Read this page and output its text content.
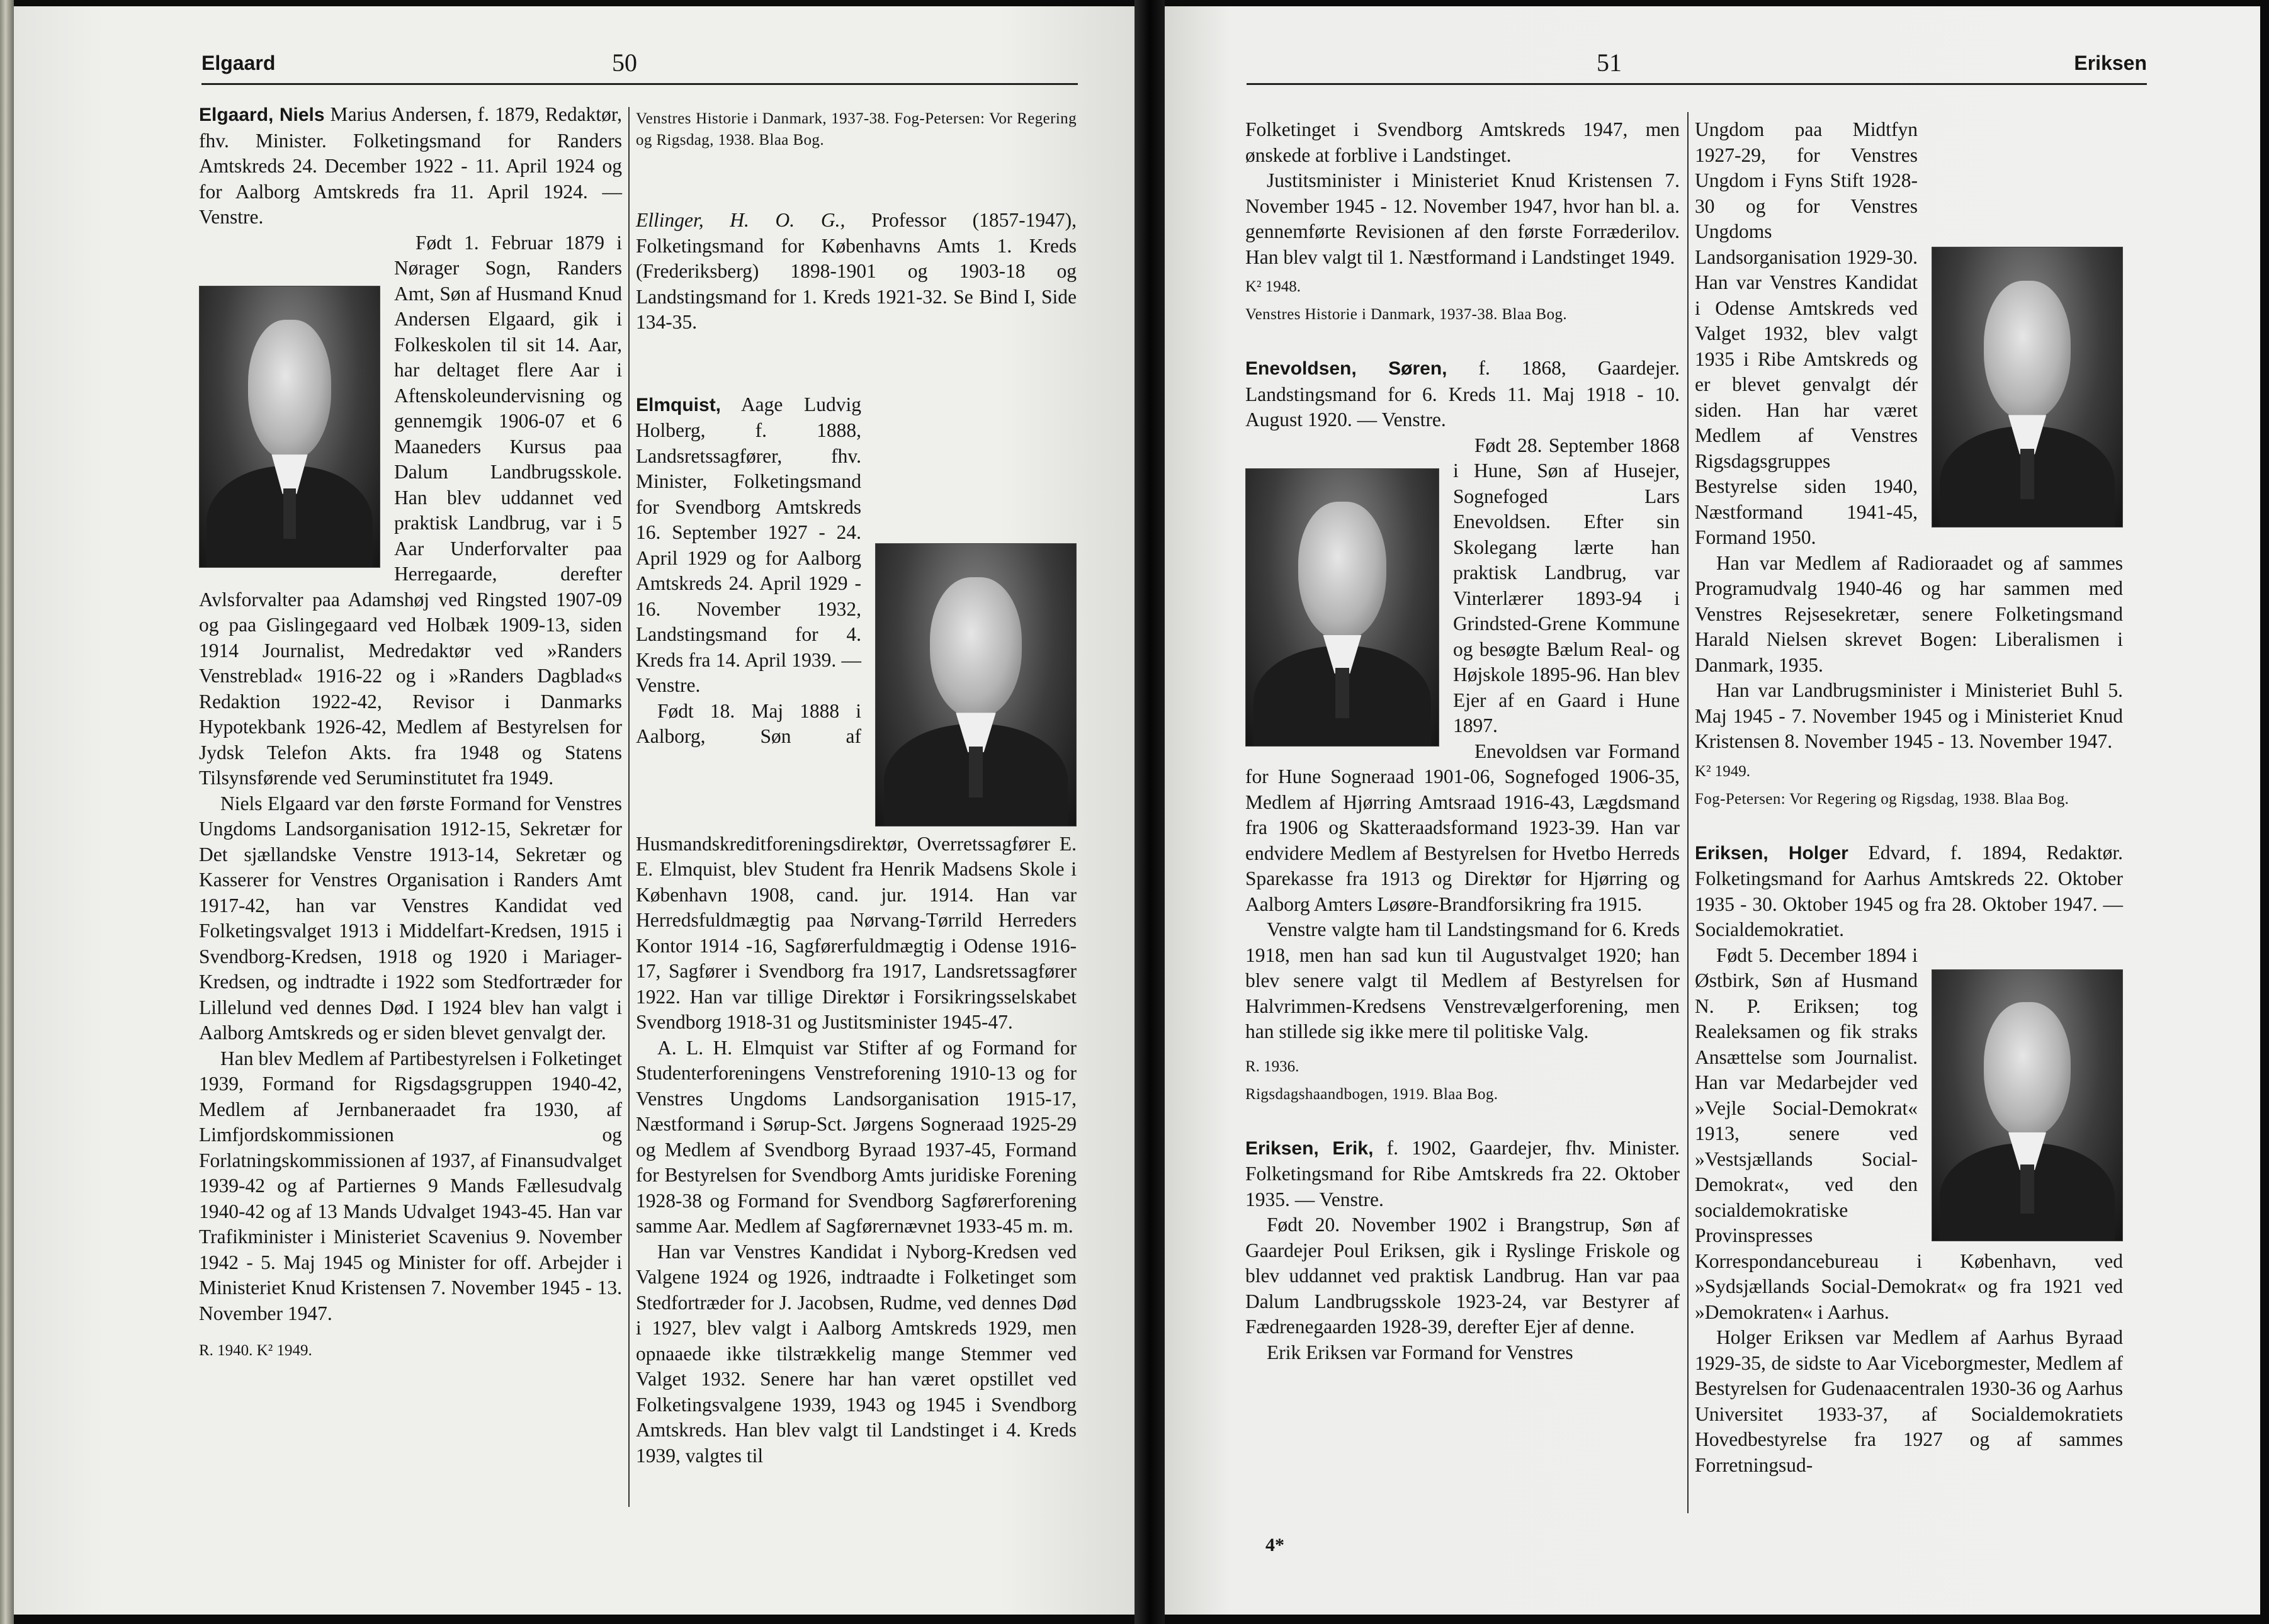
Elgaard	50

Elgaard, Niels Marius Andersen, f. 1879, Redaktør, fhv. Minister. Folketingsmand for Randers Amtskreds 24. December 1922 - 11. April 1924 og for Aalborg Amtskreds fra 11. April 1924. — Venstre.

Født 1. Februar 1879 i Nørager Sogn, Randers Amt, Søn af Husmand Knud Andersen Elgaard, gik i Folkeskolen til sit 14. Aar, har deltaget flere Aar i Aftenskoleundervisning og gennemgik 1906-07 et 6 Maaneders Kursus paa Dalum Landbrugsskole. Han blev uddannet ved praktisk Landbrug, var i 5 Aar Underforvalter paa Herregaarde, derefter Avlsforvalter paa Adamshøj ved Ringsted 1907-09 og paa Gislingegaard ved Holbæk 1909-13, siden 1914 Journalist, Medredaktør ved »Randers Venstreblad« 1916-22 og i »Randers Dagblad«s Redaktion 1922-42, Revisor i Danmarks Hypotekbank 1926-42, Medlem af Bestyrelsen for Jydsk Telefon Akts. fra 1948 og Statens Tilsynsførende ved Seruminstitutet fra 1949.

Niels Elgaard var den første Formand for Venstres Ungdoms Landsorganisation 1912-15, Sekretær for Det sjællandske Venstre 1913-14, Sekretær og Kasserer for Venstres Organisation i Randers Amt 1917-42, han var Venstres Kandidat ved Folketingsvalget 1913 i Middelfart-Kredsen, 1915 i Svendborg-Kredsen, 1918 og 1920 i Mariager-Kredsen, og indtradte i 1922 som Stedfortræder for Lillelund ved dennes Død. I 1924 blev han valgt i Aalborg Amtskreds og er siden blevet genvalgt der.

Han blev Medlem af Partibestyrelsen i Folketinget 1939, Formand for Rigsdagsgruppen 1940-42, Medlem af Jernbaneraadet fra 1930, af Limfjordskommissionen og Forlatningskommissionen af 1937, af Finansudvalget 1939-42 og af Partiernes 9 Mands Fællesudvalg 1940-42 og af 13 Mands Udvalget 1943-45. Han var Trafikminister i Ministeriet Scavenius 9. November 1942 - 5. Maj 1945 og Minister for off. Arbejder i Ministeriet Knud Kristensen 7. November 1945 - 13. November 1947.

R. 1940. K² 1949.

Venstres Historie i Danmark, 1937-38. Fog-Petersen: Vor Regering og Rigsdag, 1938. Blaa Bog.

Ellinger, H. O. G., Professor (1857-1947), Folketingsmand for Københavns Amts 1. Kreds (Frederiksberg) 1898-1901 og 1903-18 og Landstingsmand for 1. Kreds 1921-32. Se Bind I, Side 134-35.

Elmquist, Aage Ludvig Holberg, f. 1888, Landsretssagfører, fhv. Minister, Folketingsmand for Svendborg Amtskreds 16. September 1927 - 24. April 1929 og for Aalborg Amtskreds 24. April 1929 - 16. November 1932, Landstingsmand for 4. Kreds fra 14. April 1939. — Venstre.

Født 18. Maj 1888 i Aalborg, Søn af Husmandskreditforeningsdirektør, Overretssagfører E. E. Elmquist, blev Student fra Henrik Madsens Skole i København 1908, cand. jur. 1914. Han var Herredsfuldmægtig paa Nørvang-Tørrild Herreders Kontor 1914 -16, Sagførerfuldmægtig i Odense 1916-17, Sagfører i Svendborg fra 1917, Landsretssagfører 1922. Han var tillige Direktør i Forsikringsselskabet Svendborg 1918-31 og Justitsminister 1945-47.

A. L. H. Elmquist var Stifter af og Formand for Studenterforeningens Venstreforening 1910-13 og for Venstres Ungdoms Landsorganisation 1915-17, Næstformand i Sørup-Sct. Jørgens Sogneraad 1925-29 og Medlem af Svendborg Byraad 1937-45, Formand for Bestyrelsen for Svendborg Amts juridiske Forening 1928-38 og Formand for Svendborg Sagførerforening samme Aar. Medlem af Sagførernævnet 1933-45 m. m.

Han var Venstres Kandidat i Nyborg-Kredsen ved Valgene 1924 og 1926, indtraadte i Folketinget som Stedfortræder for J. Jacobsen, Rudme, ved dennes Død i 1927, blev valgt i Aalborg Amtskreds 1929, men opnaaede ikke tilstrækkelig mange Stemmer ved Valget 1932. Senere har han været opstillet ved Folketingsvalgene 1939, 1943 og 1945 i Svendborg Amtskreds. Han blev valgt til Landstinget i 4. Kreds 1939, valgtes til

51	Eriksen

Folketinget i Svendborg Amtskreds 1947, men ønskede at forblive i Landstinget.

Justitsminister i Ministeriet Knud Kristensen 7. November 1945 - 12. November 1947, hvor han bl. a. gennemførte Revisionen af den første Forræderilov. Han blev valgt til 1. Næstformand i Landstinget 1949.

K² 1948.

Venstres Historie i Danmark, 1937-38. Blaa Bog.

Enevoldsen, Søren, f. 1868, Gaardejer. Landstingsmand for 6. Kreds 11. Maj 1918 - 10. August 1920. — Venstre.

Født 28. September 1868 i Hune, Søn af Husejer, Sognefoged Lars Enevoldsen. Efter sin Skolegang lærte han praktisk Landbrug, var Vinterlærer 1893-94 i Grindsted-Grene Kommune og besøgte Bælum Real- og Højskole 1895-96. Han blev Ejer af en Gaard i Hune 1897.

Enevoldsen var Formand for Hune Sogneraad 1901-06, Sognefoged 1906-35, Medlem af Hjørring Amtsraad 1916-43, Lægdsmand fra 1906 og Skatteraadsformand 1923-39. Han var endvidere Medlem af Bestyrelsen for Hvetbo Herreds Sparekasse fra 1913 og Direktør for Hjørring og Aalborg Amters Løsøre-Brandforsikring fra 1915.

Venstre valgte ham til Landstingsmand for 6. Kreds 1918, men han sad kun til Augustvalget 1920; han blev senere valgt til Medlem af Bestyrelsen for Halvrimmen-Kredsens Venstrevælgerforening, men han stillede sig ikke mere til politiske Valg.

R. 1936.

Rigsdagshaandbogen, 1919. Blaa Bog.

Eriksen, Erik, f. 1902, Gaardejer, fhv. Minister. Folketingsmand for Ribe Amtskreds fra 22. Oktober 1935. — Venstre.

Født 20. November 1902 i Brangstrup, Søn af Gaardejer Poul Eriksen, gik i Ryslinge Friskole og blev uddannet ved praktisk Landbrug. Han var paa Dalum Landbrugsskole 1923-24, var Bestyrer af Fædrenegaarden 1928-39, derefter Ejer af denne.

Erik Eriksen var Formand for Venstres

4*

Ungdom paa Midtfyn 1927-29, for Venstres Ungdom i Fyns Stift 1928-30 og for Venstres Ungdoms Landsorganisation 1929-30. Han var Venstres Kandidat i Odense Amtskreds ved Valget 1932, blev valgt 1935 i Ribe Amtskreds og er blevet genvalgt dér siden. Han har været Medlem af Venstres Rigsdagsgruppes Bestyrelse siden 1940, Næstformand 1941-45, Formand 1950.

Han var Medlem af Radioraadet og af sammes Programudvalg 1940-46 og har sammen med Venstres Rejsesekretær, senere Folketingsmand Harald Nielsen skrevet Bogen: Liberalismen i Danmark, 1935.

Han var Landbrugsminister i Ministeriet Buhl 5. Maj 1945 - 7. November 1945 og i Ministeriet Knud Kristensen 8. November 1945 - 13. November 1947.

K² 1949.

Fog-Petersen: Vor Regering og Rigsdag, 1938. Blaa Bog.

Eriksen, Holger Edvard, f. 1894, Redaktør. Folketingsmand for Aarhus Amtskreds 22. Oktober 1935 - 30. Oktober 1945 og fra 28. Oktober 1947. — Socialdemokratiet.

Født 5. December 1894 i Østbirk, Søn af Husmand N. P. Eriksen; tog Realeksamen og fik straks Ansættelse som Journalist. Han var Medarbejder ved »Vejle Social-Demokrat« 1913, senere ved »Vestsjællands Social-Demokrat«, ved den socialdemokratiske Provinspresses Korrespondancebureau i København, ved »Sydsjællands Social-Demokrat« og fra 1921 ved »Demokraten« i Aarhus.

Holger Eriksen var Medlem af Aarhus Byraad 1929-35, de sidste to Aar Viceborgmester, Medlem af Bestyrelsen for Gudenaacentralen 1930-36 og Aarhus Universitet 1933-37, af Socialdemokratiets Hovedbestyrelse fra 1927 og af sammes Forretningsud-
